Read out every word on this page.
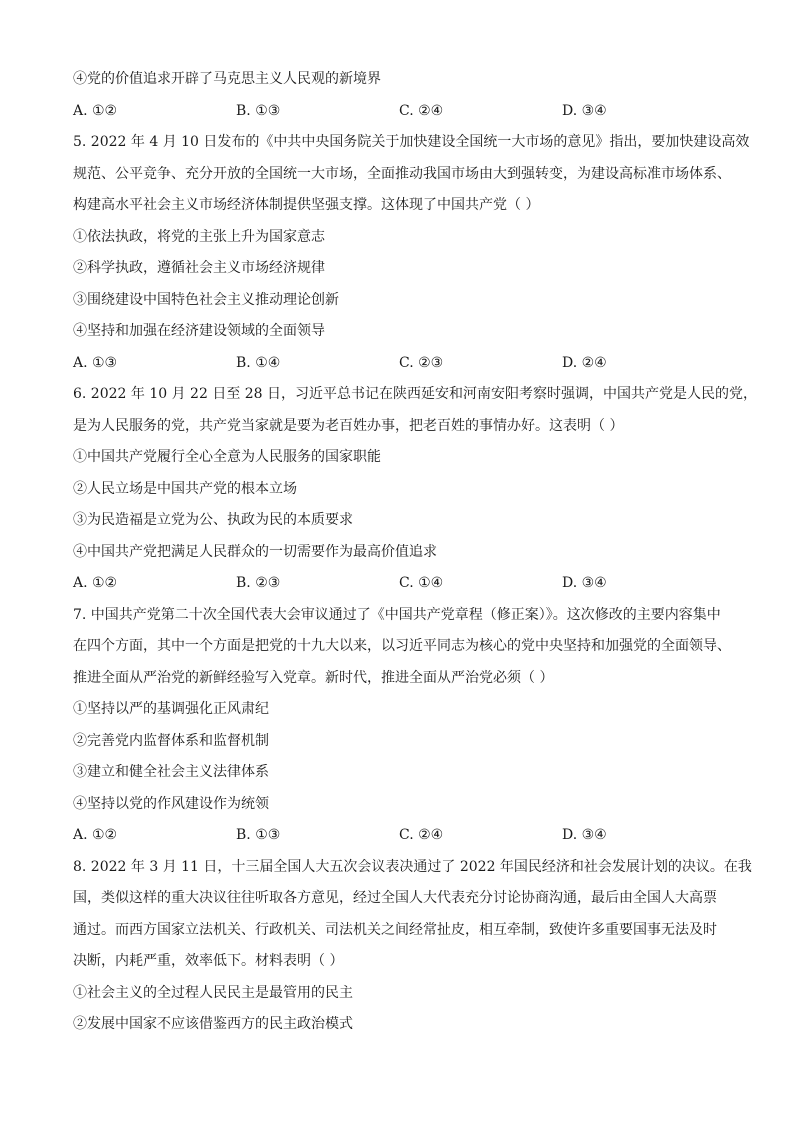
④党的价值追求开辟了马克思主义人民观的新境界
A. ①②	B. ①③	C. ②④	D. ③④
5. 2022 年 4 月 10 日发布的《中共中央国务院关于加快建设全国统一大市场的意见》指出，要加快建设高效
规范、公平竞争、充分开放的全国统一大市场，全面推动我国市场由大到强转变，为建设高标准市场体系、
构建高水平社会主义市场经济体制提供坚强支撑。这体现了中国共产党（ ）
①依法执政，将党的主张上升为国家意志
②科学执政，遵循社会主义市场经济规律
③围绕建设中国特色社会主义推动理论创新
④坚持和加强在经济建设领域的全面领导
A. ①③	B. ①④	C. ②③	D. ②④
6. 2022 年 10 月 22 日至 28 日，习近平总书记在陕西延安和河南安阳考察时强调，中国共产党是人民的党，
是为人民服务的党，共产党当家就是要为老百姓办事，把老百姓的事情办好。这表明（ ）
①中国共产党履行全心全意为人民服务的国家职能
②人民立场是中国共产党的根本立场
③为民造福是立党为公、执政为民的本质要求
④中国共产党把满足人民群众的一切需要作为最高价值追求
A. ①②	B. ②③	C. ①④	D. ③④
7. 中国共产党第二十次全国代表大会审议通过了《中国共产党章程（修正案）》。这次修改的主要内容集中
在四个方面，其中一个方面是把党的十九大以来，以习近平同志为核心的党中央坚持和加强党的全面领导、
推进全面从严治党的新鲜经验写入党章。新时代，推进全面从严治党必须（ ）
①坚持以严的基调强化正风肃纪
②完善党内监督体系和监督机制
③建立和健全社会主义法律体系
④坚持以党的作风建设作为统领
A. ①②	B. ①③	C. ②④	D. ③④
8. 2022 年 3 月 11 日，十三届全国人大五次会议表决通过了 2022 年国民经济和社会发展计划的决议。在我
国，类似这样的重大决议往往听取各方意见，经过全国人大代表充分讨论协商沟通，最后由全国人大高票
通过。而西方国家立法机关、行政机关、司法机关之间经常扯皮，相互牵制，致使许多重要国事无法及时
决断，内耗严重，效率低下。材料表明（ ）
①社会主义的全过程人民民主是最管用的民主
②发展中国家不应该借鉴西方的民主政治模式
